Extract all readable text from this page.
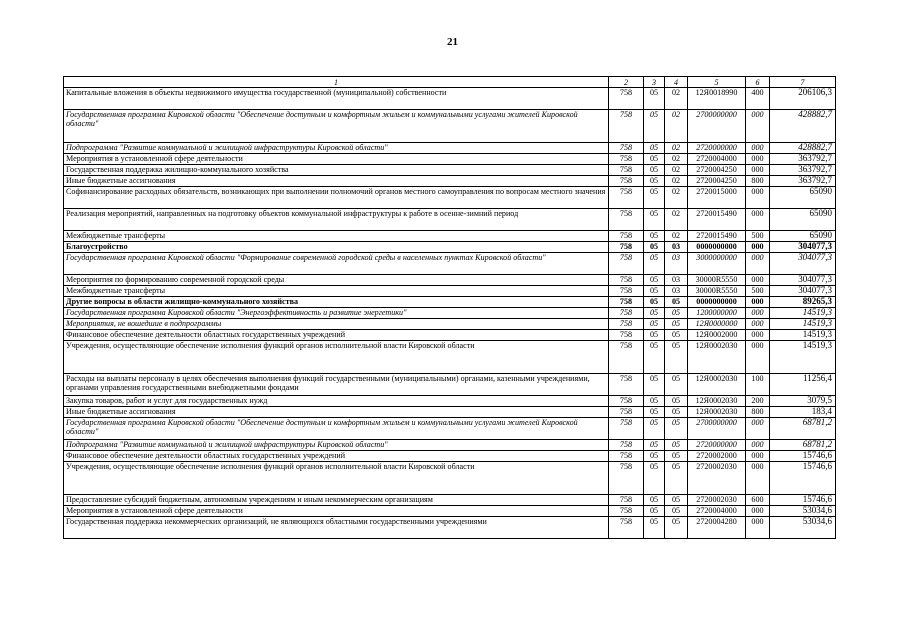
21
1	2	3	4	5	6	7
Капитальные вложения в объекты недвижимого имущества государственной (муниципальной) собственности	758	05	02	12Я0018990	400	206106,3
Государственная программа Кировской области "Обеспечение доступным и комфортным жильем и коммунальными услугами жителей Кировской области"	758	05	02	2700000000	000	428882,7
Подпрограмма "Развитие коммунальной и жилищной инфраструктуры Кировской области"	758	05	02	2720000000	000	428882,7
Мероприятия в установленной сфере деятельности	758	05	02	2720004000	000	363792,7
Государственная поддержка жилищно-коммунального хозяйства	758	05	02	2720004250	000	363792,7
Иные бюджетные ассигнования	758	05	02	2720004250	800	363792,7
Софинансирование расходных обязательств, возникающих при выполнении полномочий органов местного самоуправления по вопросам местного значения	758	05	02	2720015000	000	65090
Реализация мероприятий, направленных на подготовку объектов коммунальной инфраструктуры к работе в осенне-зимний период	758	05	02	2720015490	000	65090
Межбюджетные трансферты	758	05	02	2720015490	500	65090
Благоустройство	758	05	03	0000000000	000	304077,3
Государственная программа Кировской области "Формирование современной городской среды в населенных пунктах Кировской области"	758	05	03	3000000000	000	304077,3
Мероприятия по формированию современной городской среды	758	05	03	30000R5550	000	304077,3
Межбюджетные трансферты	758	05	03	30000R5550	500	304077,3
Другие вопросы в области жилищно-коммунального хозяйства	758	05	05	0000000000	000	89265,3
Государственная программа Кировской области "Энергоэффективность и развитие энергетики"	758	05	05	1200000000	000	14519,3
Мероприятия, не вошедшие в подпрограммы	758	05	05	12Я0000000	000	14519,3
Финансовое обеспечение деятельности областных государственных учреждений	758	05	05	12Я0002000	000	14519,3
Учреждения, осуществляющие обеспечение исполнения функций органов исполнительной власти Кировской области	758	05	05	12Я0002030	000	14519,3
Расходы на выплаты персоналу в целях обеспечения выполнения функций государственными (муниципальными) органами, казенными учреждениями, органами управления государственными внебюджетными фондами	758	05	05	12Я0002030	100	11256,4
Закупка товаров, работ и услуг для государственных нужд	758	05	05	12Я0002030	200	3079,5
Иные бюджетные ассигнования	758	05	05	12Я0002030	800	183,4
Государственная программа Кировской области "Обеспечение доступным и комфортным жильем и коммунальными услугами жителей Кировской области"	758	05	05	2700000000	000	68781,2
Подпрограмма "Развитие коммунальной и жилищной инфраструктуры Кировской области"	758	05	05	2720000000	000	68781,2
Финансовое обеспечение деятельности областных государственных учреждений	758	05	05	2720002000	000	15746,6
Учреждения, осуществляющие обеспечение исполнения функций органов исполнительной власти Кировской области	758	05	05	2720002030	000	15746,6
Предоставление субсидий бюджетным, автономным учреждениям и иным некоммерческим организациям	758	05	05	2720002030	600	15746,6
Мероприятия в установленной сфере деятельности	758	05	05	2720004000	000	53034,6
Государственная поддержка некоммерческих организаций, не являющихся областными государственными учреждениями	758	05	05	2720004280	000	53034,6
